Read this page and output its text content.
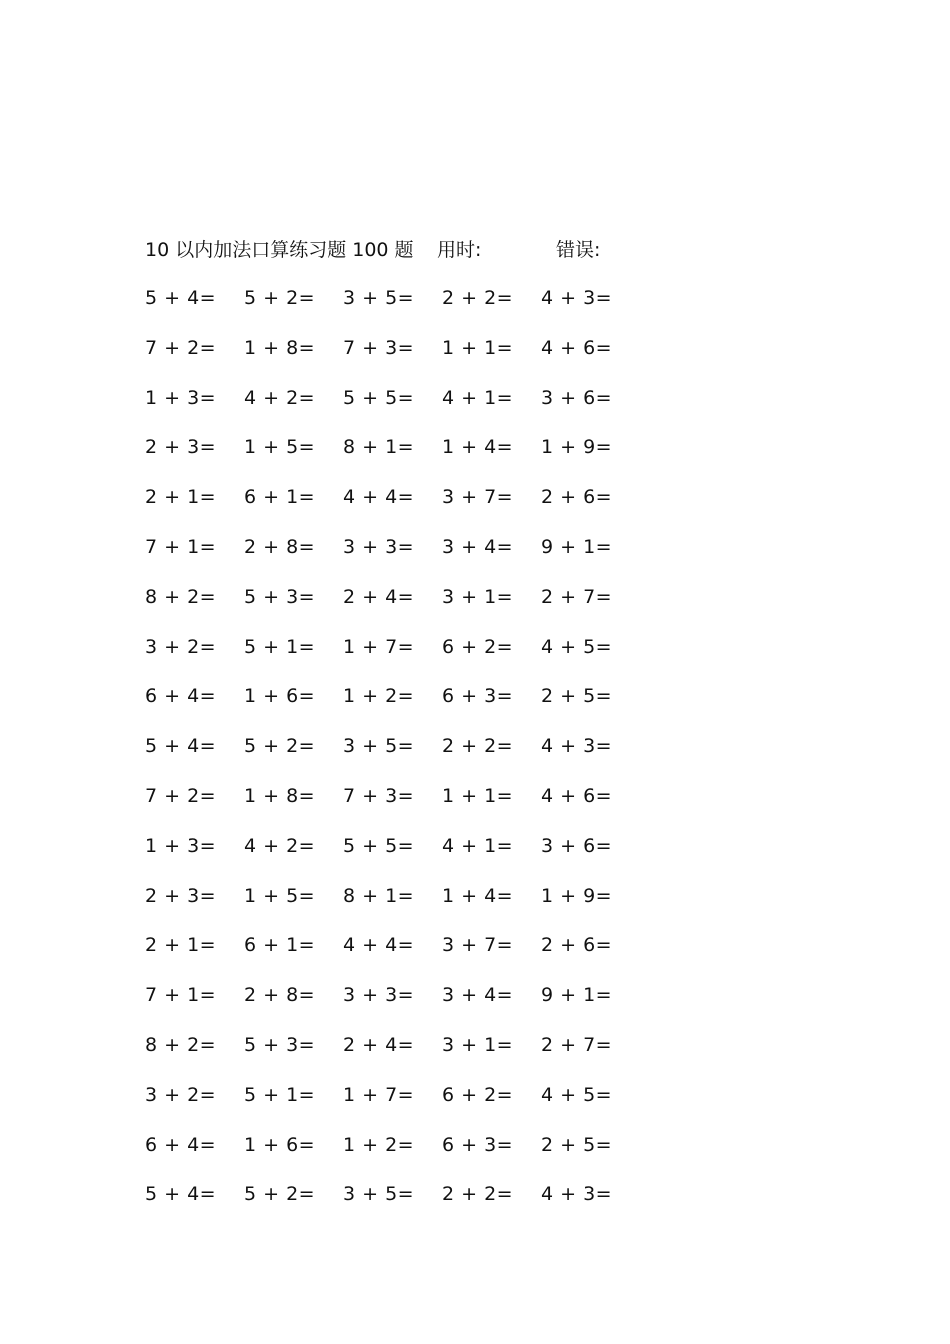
10 以内加法口算练习题 100 题 用时:	错误:
5 + 4= 5 + 2= 3 + 5= 2 + 2= 4 + 3=
7 + 2= 1 + 8= 7 + 3= 1 + 1= 4 + 6=
1 + 3= 4 + 2= 5 + 5= 4 + 1= 3 + 6=
2 + 3= 1 + 5= 8 + 1= 1 + 4= 1 + 9=
2 + 1= 6 + 1= 4 + 4= 3 + 7= 2 + 6=
7 + 1= 2 + 8= 3 + 3= 3 + 4= 9 + 1=
8 + 2= 5 + 3= 2 + 4= 3 + 1= 2 + 7=
3 + 2= 5 + 1= 1 + 7= 6 + 2= 4 + 5=
6 + 4= 1 + 6= 1 + 2= 6 + 3= 2 + 5=
5 + 4= 5 + 2= 3 + 5= 2 + 2= 4 + 3=
7 + 2= 1 + 8= 7 + 3= 1 + 1= 4 + 6=
1 + 3= 4 + 2= 5 + 5= 4 + 1= 3 + 6=
2 + 3= 1 + 5= 8 + 1= 1 + 4= 1 + 9=
2 + 1= 6 + 1= 4 + 4= 3 + 7= 2 + 6=
7 + 1= 2 + 8= 3 + 3= 3 + 4= 9 + 1=
8 + 2= 5 + 3= 2 + 4= 3 + 1= 2 + 7=
3 + 2= 5 + 1= 1 + 7= 6 + 2= 4 + 5=
6 + 4= 1 + 6= 1 + 2= 6 + 3= 2 + 5=
5 + 4= 5 + 2= 3 + 5= 2 + 2= 4 + 3=
